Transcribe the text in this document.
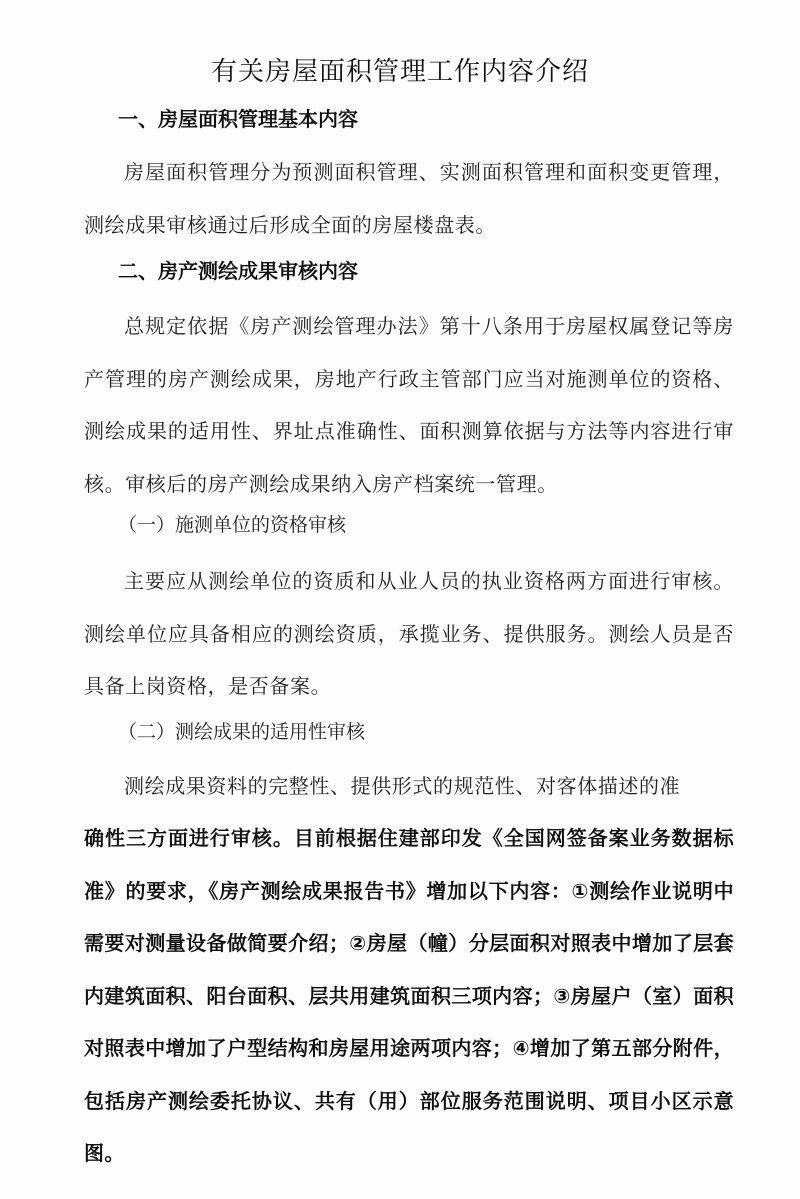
有关房屋面积管理工作内容介绍
一、房屋面积管理基本内容

房屋面积管理分为预测面积管理、实测面积管理和面积变更管理，测绘成果审核通过后形成全面的房屋楼盘表。

二、房产测绘成果审核内容

总规定依据《房产测绘管理办法》第十八条用于房屋权属登记等房产管理的房产测绘成果，房地产行政主管部门应当对施测单位的资格、测绘成果的适用性、界址点准确性、面积测算依据与方法等内容进行审核。审核后的房产测绘成果纳入房产档案统一管理。

（一）施测单位的资格审核

主要应从测绘单位的资质和从业人员的执业资格两方面进行审核。测绘单位应具备相应的测绘资质，承揽业务、提供服务。测绘人员是否具备上岗资格，是否备案。

（二）测绘成果的适用性审核

测绘成果资料的完整性、提供形式的规范性、对客体描述的准

确性三方面进行审核。目前根据住建部印发《全国网签备案业务数据标准》的要求，《房产测绘成果报告书》增加以下内容：①测绘作业说明中需要对测量设备做简要介绍；②房屋（幢）分层面积对照表中增加了层套内建筑面积、阳台面积、层共用建筑面积三项内容；③房屋户（室）面积对照表中增加了户型结构和房屋用途两项内容；④增加了第五部分附件，包括房产测绘委托协议、共有（用）部位服务范围说明、项目小区示意图。
